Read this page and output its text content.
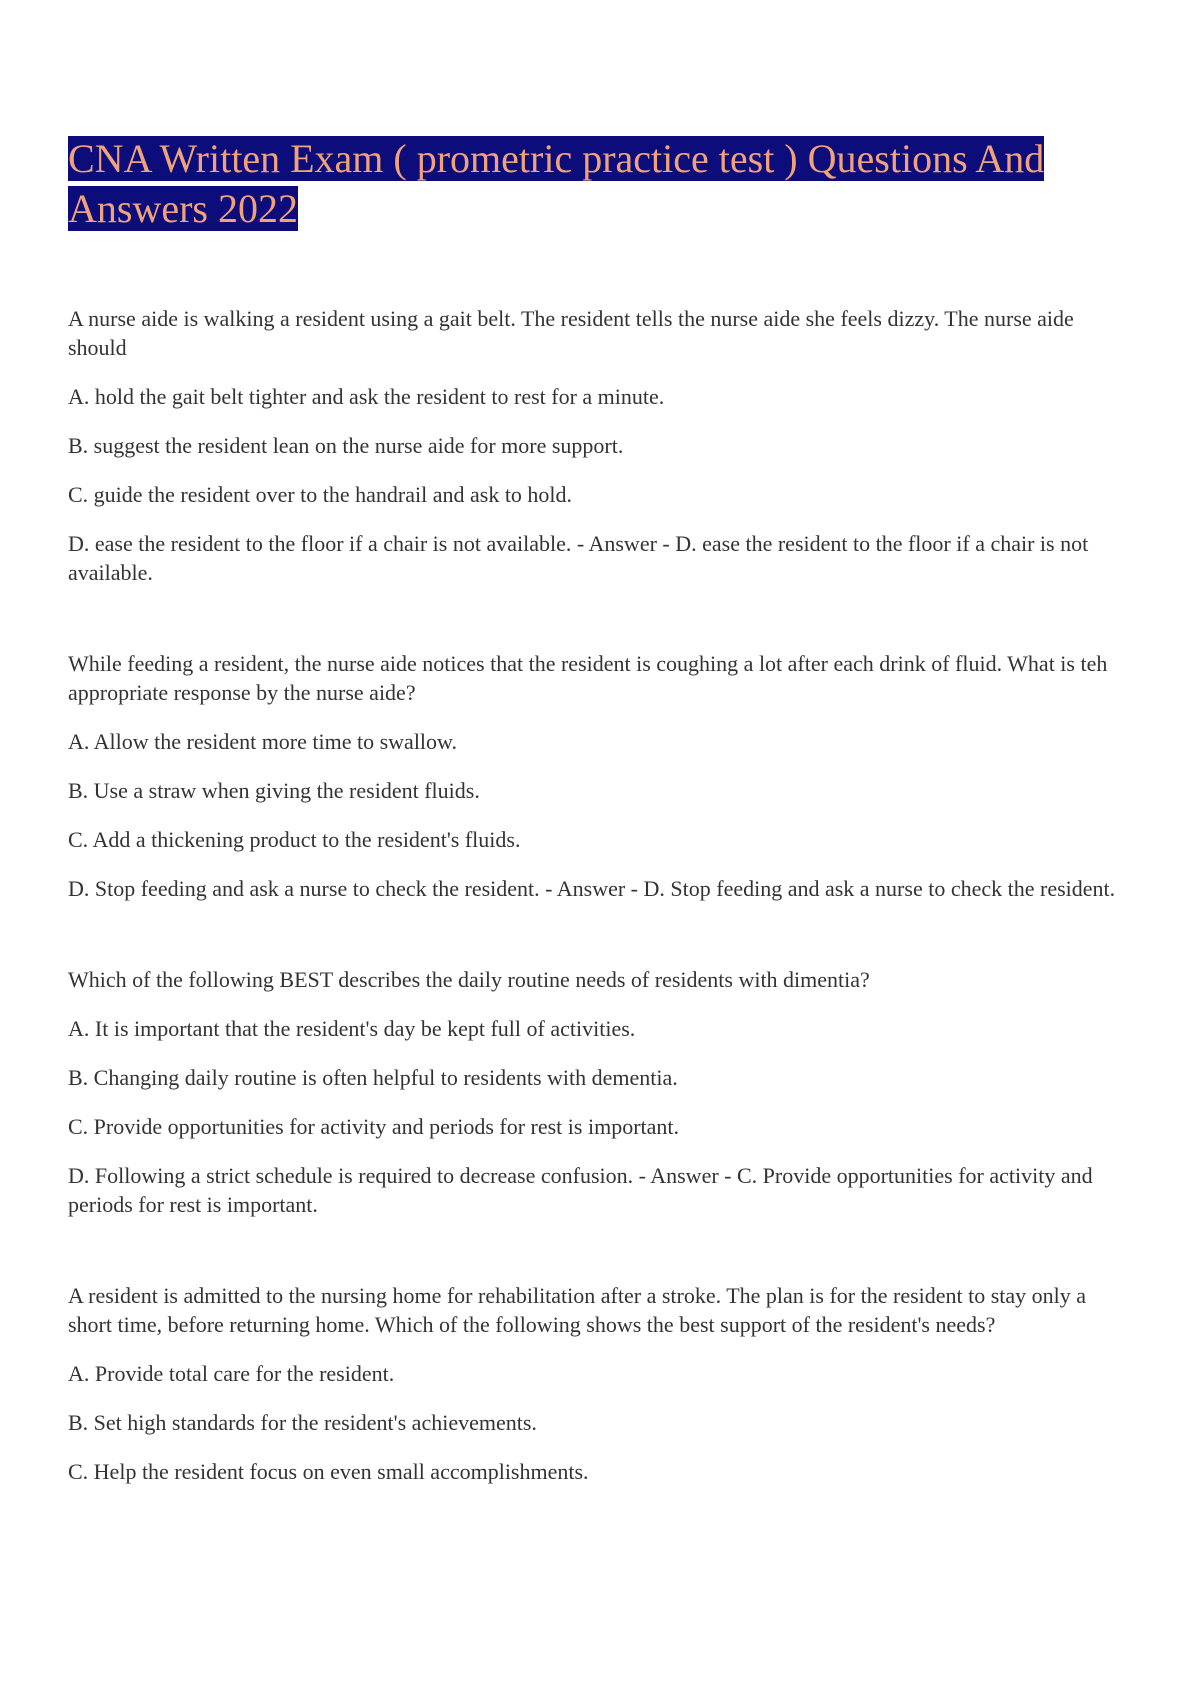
CNA Written Exam ( prometric practice test ) Questions And Answers 2022

A nurse aide is walking a resident using a gait belt. The resident tells the nurse aide she feels dizzy. The nurse aide should

A. hold the gait belt tighter and ask the resident to rest for a minute.

B. suggest the resident lean on the nurse aide for more support.

C. guide the resident over to the handrail and ask to hold.

D. ease the resident to the floor if a chair is not available. - Answer - D. ease the resident to the floor if a chair is not available.

While feeding a resident, the nurse aide notices that the resident is coughing a lot after each drink of fluid. What is teh appropriate response by the nurse aide?

A. Allow the resident more time to swallow.

B. Use a straw when giving the resident fluids.

C. Add a thickening product to the resident's fluids.

D. Stop feeding and ask a nurse to check the resident. - Answer - D. Stop feeding and ask a nurse to check the resident.

Which of the following BEST describes the daily routine needs of residents with dimentia?

A. It is important that the resident's day be kept full of activities.

B. Changing daily routine is often helpful to residents with dementia.

C. Provide opportunities for activity and periods for rest is important.

D. Following a strict schedule is required to decrease confusion. - Answer - C. Provide opportunities for activity and periods for rest is important.

A resident is admitted to the nursing home for rehabilitation after a stroke. The plan is for the resident to stay only a short time, before returning home. Which of the following shows the best support of the resident's needs?

A. Provide total care for the resident.

B. Set high standards for the resident's achievements.

C. Help the resident focus on even small accomplishments.
